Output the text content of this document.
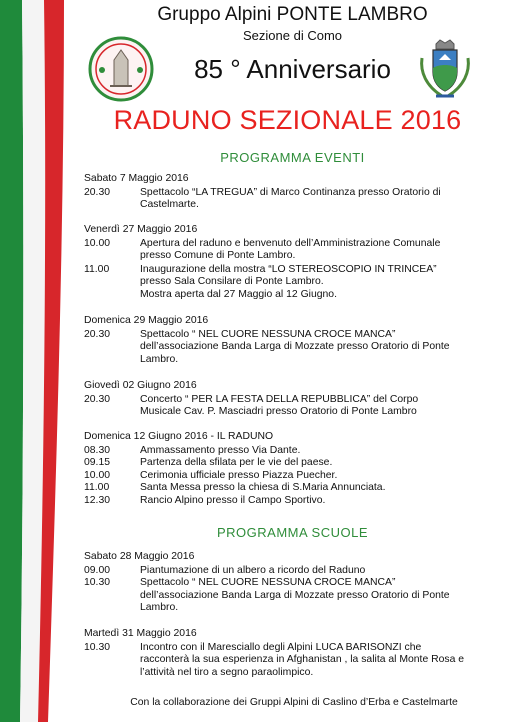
Gruppo Alpini PONTE LAMBRO
Sezione di Como
85 ° Anniversario
RADUNO SEZIONALE 2016
PROGRAMMA EVENTI
Sabato 7 Maggio 2016
20.30	Spettacolo “LA TREGUA” di Marco Continanza presso Oratorio di
Castelmarte.
Venerdì 27 Maggio 2016
10.00	Apertura del raduno e benvenuto dell’Amministrazione Comunale
presso Comune di Ponte Lambro.
11.00	Inaugurazione della mostra “LO STEREOSCOPIO IN TRINCEA”
presso Sala Consilare di Ponte Lambro.
Mostra aperta dal 27 Maggio al 12 Giugno.
Domenica 29 Maggio 2016
20.30	Spettacolo “ NEL CUORE NESSUNA CROCE MANCA”
dell’associazione Banda Larga di Mozzate presso Oratorio di Ponte
Lambro.
Giovedì 02 Giugno 2016
20.30	Concerto “ PER LA FESTA DELLA REPUBBLICA” del Corpo
Musicale Cav. P. Masciadri presso Oratorio di Ponte Lambro
Domenica 12 Giugno 2016 - IL RADUNO
08.30	Ammassamento presso Via Dante.
09.15	Partenza della sfilata per le vie del paese.
10.00	Cerimonia ufficiale presso Piazza Puecher.
11.00	Santa Messa presso la chiesa di S.Maria Annunciata.
12.30	Rancio Alpino presso il Campo Sportivo.
PROGRAMMA SCUOLE
Sabato 28 Maggio 2016
09.00	Piantumazione di un albero a ricordo del Raduno
10.30	Spettacolo “ NEL CUORE NESSUNA CROCE MANCA”
dell’associazione Banda Larga di Mozzate presso Oratorio di Ponte
Lambro.
Martedì 31 Maggio 2016
10.30	Incontro con il Maresciallo degli Alpini LUCA BARISONZI che
racconterà la sua esperienza in Afghanistan , la salita al Monte Rosa e
l’attività nel tiro a segno paraolimpico.
Con la collaborazione dei Gruppi Alpini di Caslino d’Erba e Castelmarte
